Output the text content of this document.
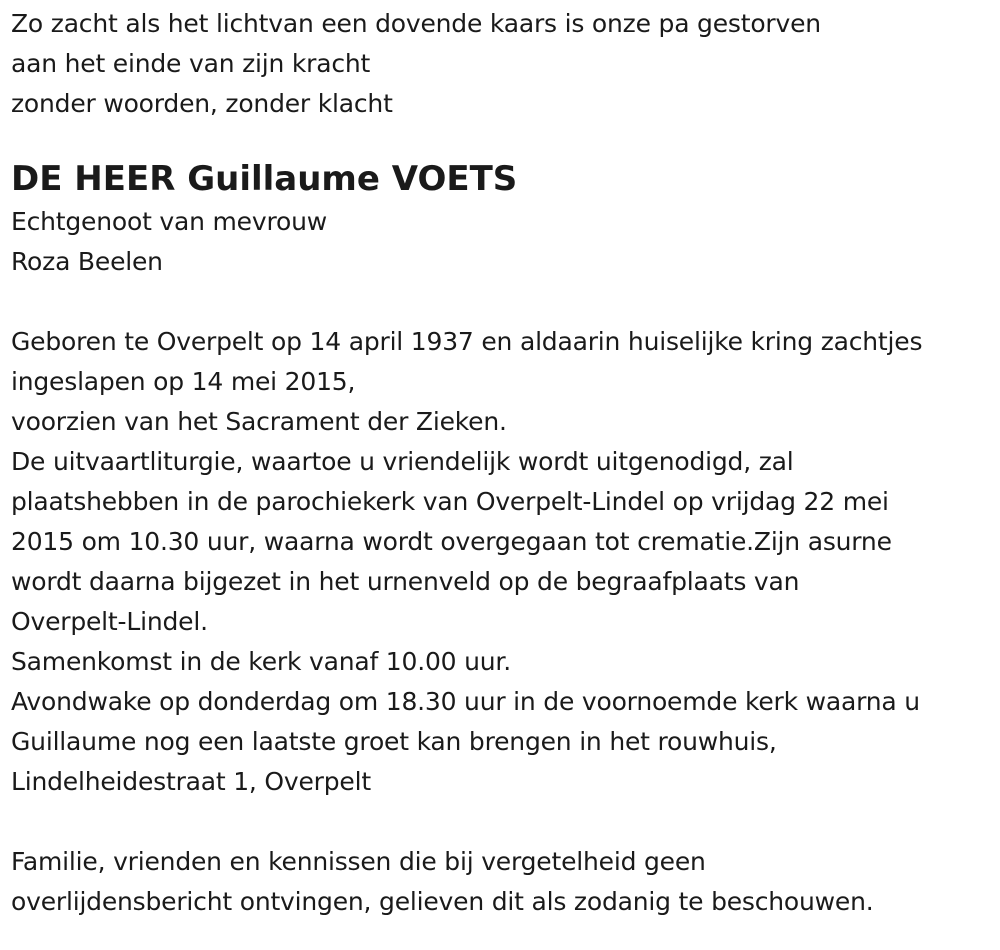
Zo zacht als het lichtvan een dovende kaars is onze pa gestorven
aan het einde van zijn kracht
zonder woorden, zonder klacht
DE HEER Guillaume VOETS
Echtgenoot van mevrouw
Roza Beelen
Geboren te Overpelt op 14 april 1937 en aldaarin huiselijke kring zachtjes
ingeslapen op 14 mei 2015,
voorzien van het Sacrament der Zieken.
De uitvaartliturgie, waartoe u vriendelijk wordt uitgenodigd, zal
plaatshebben in de parochiekerk van Overpelt-Lindel op vrijdag 22 mei
2015 om 10.30 uur, waarna wordt overgegaan tot crematie.Zijn asurne
wordt daarna bijgezet in het urnenveld op de begraafplaats van
Overpelt-Lindel.
Samenkomst in de kerk vanaf 10.00 uur.
Avondwake op donderdag om 18.30 uur in de voornoemde kerk waarna u
Guillaume nog een laatste groet kan brengen in het rouwhuis,
Lindelheidestraat 1, Overpelt
Familie, vrienden en kennissen die bij vergetelheid geen
overlijdensbericht ontvingen, gelieven dit als zodanig te beschouwen.
